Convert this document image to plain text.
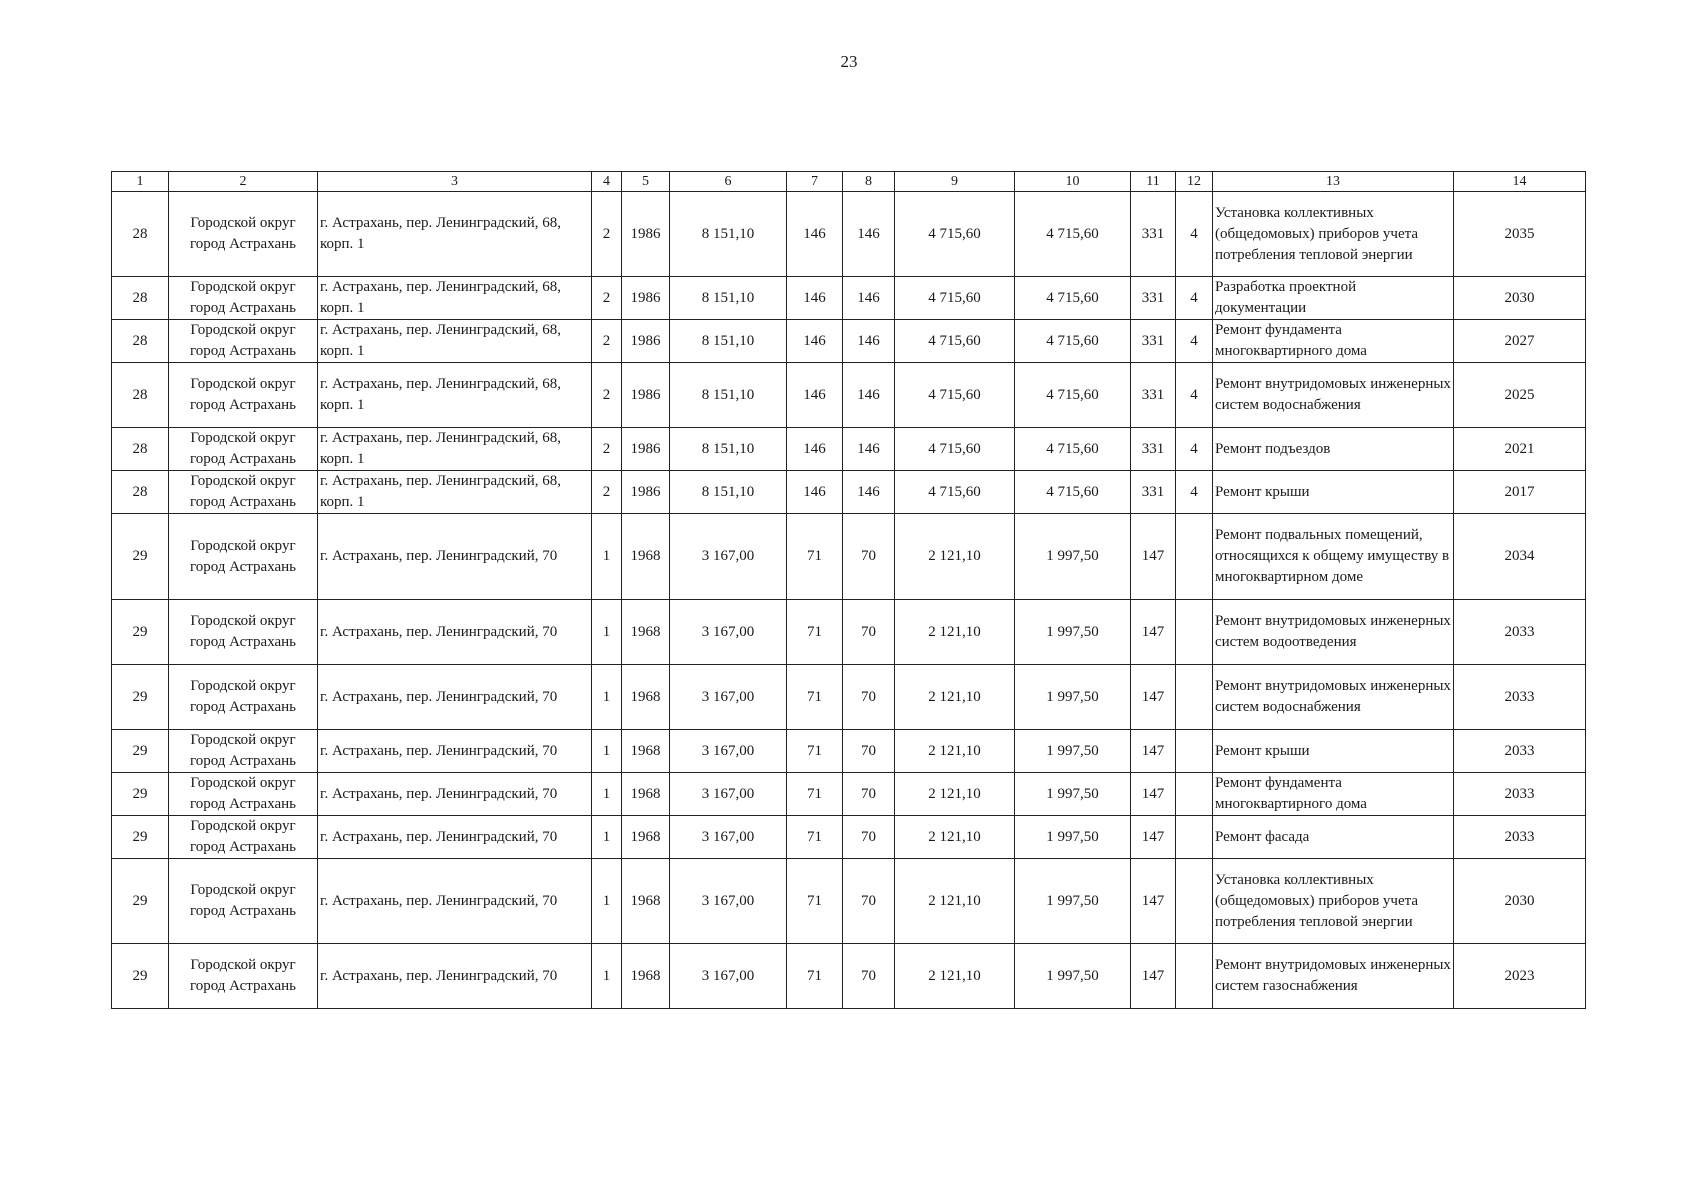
23
1	2	3	4	5	6	7	8	9	10	11	12	13	14
28	Городской округ город Астрахань	г. Астрахань, пер. Ленинградский, 68, корп. 1	2	1986	8 151,10	146	146	4 715,60	4 715,60	331	4	Установка коллективных (общедомовых) приборов учета потребления тепловой энергии	2035
28	Городской округ город Астрахань	г. Астрахань, пер. Ленинградский, 68, корп. 1	2	1986	8 151,10	146	146	4 715,60	4 715,60	331	4	Разработка проектной документации	2030
28	Городской округ город Астрахань	г. Астрахань, пер. Ленинградский, 68, корп. 1	2	1986	8 151,10	146	146	4 715,60	4 715,60	331	4	Ремонт фундамента многоквартирного дома	2027
28	Городской округ город Астрахань	г. Астрахань, пер. Ленинградский, 68, корп. 1	2	1986	8 151,10	146	146	4 715,60	4 715,60	331	4	Ремонт внутридомовых инженерных систем водоснабжения	2025
28	Городской округ город Астрахань	г. Астрахань, пер. Ленинградский, 68, корп. 1	2	1986	8 151,10	146	146	4 715,60	4 715,60	331	4	Ремонт подъездов	2021
28	Городской округ город Астрахань	г. Астрахань, пер. Ленинградский, 68, корп. 1	2	1986	8 151,10	146	146	4 715,60	4 715,60	331	4	Ремонт крыши	2017
29	Городской округ город Астрахань	г. Астрахань, пер. Ленинградский, 70	1	1968	3 167,00	71	70	2 121,10	1 997,50	147		Ремонт подвальных помещений, относящихся к общему имуществу в многоквартирном доме	2034
29	Городской округ город Астрахань	г. Астрахань, пер. Ленинградский, 70	1	1968	3 167,00	71	70	2 121,10	1 997,50	147		Ремонт внутридомовых инженерных систем водоотведения	2033
29	Городской округ город Астрахань	г. Астрахань, пер. Ленинградский, 70	1	1968	3 167,00	71	70	2 121,10	1 997,50	147		Ремонт внутридомовых инженерных систем водоснабжения	2033
29	Городской округ город Астрахань	г. Астрахань, пер. Ленинградский, 70	1	1968	3 167,00	71	70	2 121,10	1 997,50	147		Ремонт крыши	2033
29	Городской округ город Астрахань	г. Астрахань, пер. Ленинградский, 70	1	1968	3 167,00	71	70	2 121,10	1 997,50	147		Ремонт фундамента многоквартирного дома	2033
29	Городской округ город Астрахань	г. Астрахань, пер. Ленинградский, 70	1	1968	3 167,00	71	70	2 121,10	1 997,50	147		Ремонт фасада	2033
29	Городской округ город Астрахань	г. Астрахань, пер. Ленинградский, 70	1	1968	3 167,00	71	70	2 121,10	1 997,50	147		Установка коллективных (общедомовых) приборов учета потребления тепловой энергии	2030
29	Городской округ город Астрахань	г. Астрахань, пер. Ленинградский, 70	1	1968	3 167,00	71	70	2 121,10	1 997,50	147		Ремонт внутридомовых инженерных систем газоснабжения	2023
